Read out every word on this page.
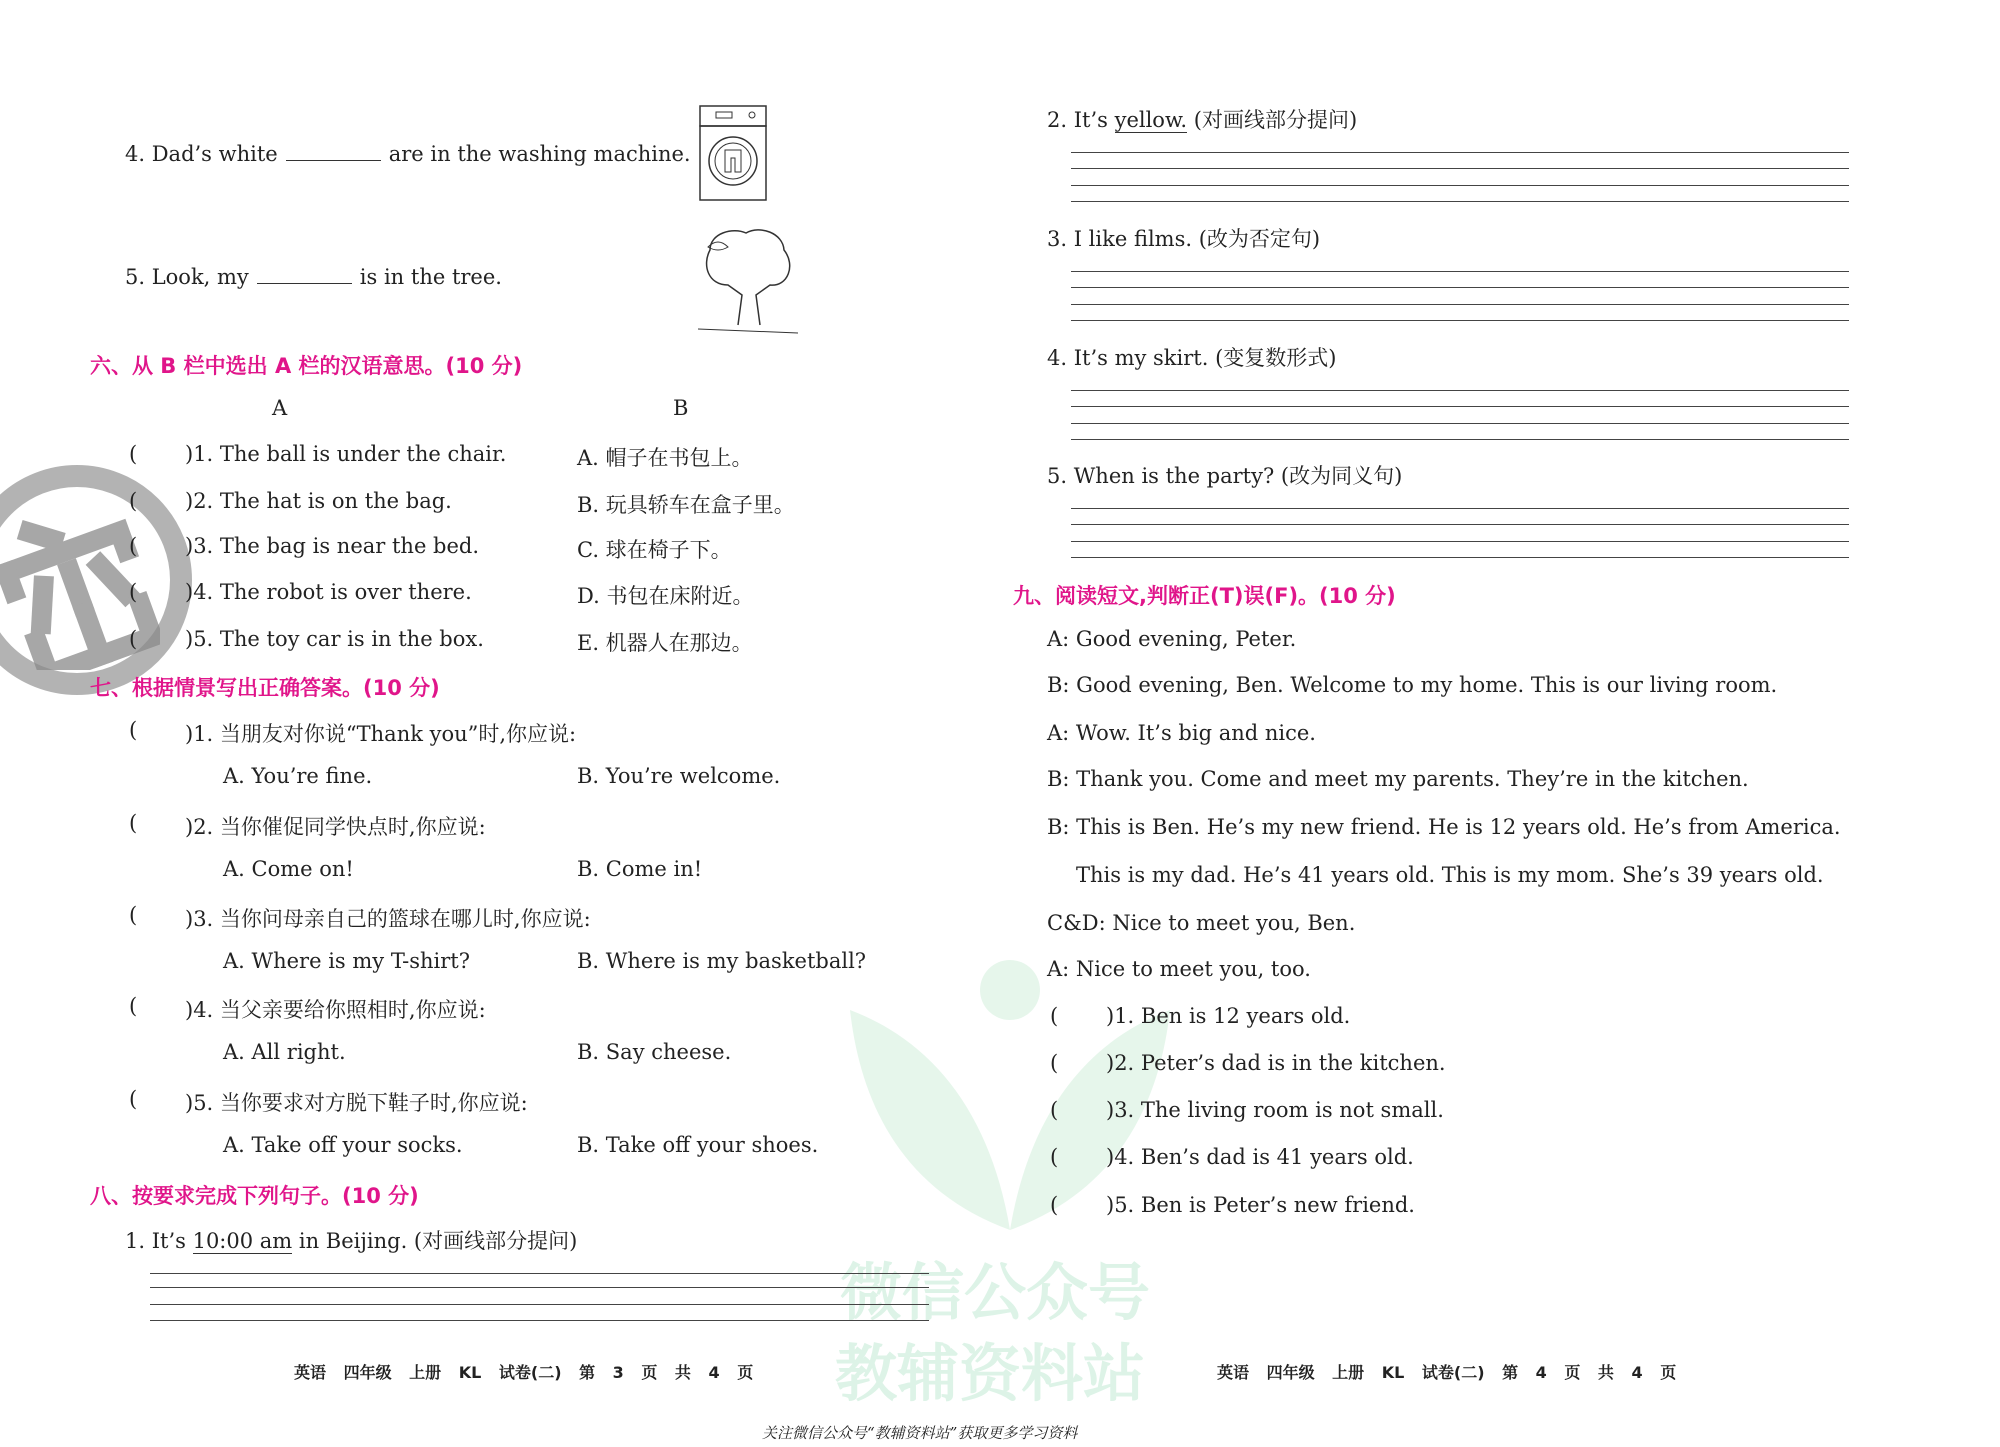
微信公众号
教辅资料站
4. Dad’s white	are in the washing machine.
5. Look, my	is in the tree.
六、从 B 栏中选出 A 栏的汉语意思。(10 分)
A	B
( )1. The ball is under the chair.	A. 帽子在书包上。
( )2. The hat is on the bag.	B. 玩具轿车在盒子里。
( )3. The bag is near the bed.	C. 球在椅子下。
( )4. The robot is over there.	D. 书包在床附近。
( )5. The toy car is in the box.	E. 机器人在那边。
七、根据情景写出正确答案。(10 分)
( )1. 当朋友对你说“Thank you”时,你应说:
A. You’re fine.	B. You’re welcome.
( )2. 当你催促同学快点时,你应说:
A. Come on!	B. Come in!
( )3. 当你问母亲自己的篮球在哪儿时,你应说:
A. Where is my T-shirt?	B. Where is my basketball?
( )4. 当父亲要给你照相时,你应说:
A. All right.	B. Say cheese.
( )5. 当你要求对方脱下鞋子时,你应说:
A. Take off your socks.	B. Take off your shoes.
八、按要求完成下列句子。(10 分)
1. It’s 10:00 am in Beijing. (对画线部分提问)
英语 四年级 上册 KL 试卷(二) 第 3 页 共 4 页
2. It’s yellow. (对画线部分提问)
3. I like films. (改为否定句)
4. It’s my skirt. (变复数形式)
5. When is the party? (改为同义句)
九、阅读短文,判断正(T)误(F)。(10 分)
A: Good evening, Peter.
B: Good evening, Ben. Welcome to my home. This is our living room.
A: Wow. It’s big and nice.
B: Thank you. Come and meet my parents. They’re in the kitchen.
B: This is Ben. He’s my new friend. He is 12 years old. He’s from America.
This is my dad. He’s 41 years old. This is my mom. She’s 39 years old.
C&D: Nice to meet you, Ben.
A: Nice to meet you, too.
( )1. Ben is 12 years old.
( )2. Peter’s dad is in the kitchen.
( )3. The living room is not small.
( )4. Ben’s dad is 41 years old.
( )5. Ben is Peter’s new friend.
英语 四年级 上册 KL 试卷(二) 第 4 页 共 4 页
关注微信公众号“教辅资料站”获取更多学习资料
